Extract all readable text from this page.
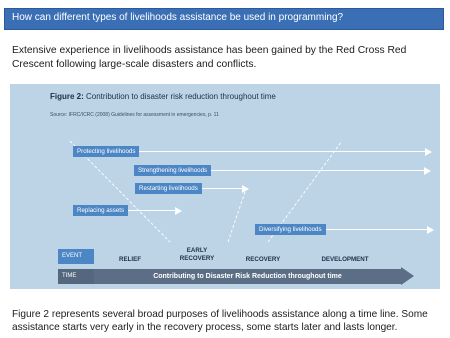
How can different types of livelihoods assistance be used in programming?
Extensive experience in livelihoods assistance has been gained by the Red Cross Red Crescent following large-scale disasters and conflicts.
Figure 2: Contribution to disaster risk reduction throughout time
Source: IFRC/ICRC (2008) Guidelines for assessment in emergencies, p. 11
Protecting livelihoods
Strengthening livelihoods
Restarting livelihoods
Replacing assets
Diversifying livelihoods
EVENT	RELIEF
EARLY
RECOVERY	RECOVERY	DEVELOPMENT
TIME	Contributing to Disaster Risk Reduction throughout time
Figure 2 represents several broad purposes of livelihoods assistance along a time line. Some assistance starts very early in the recovery process, some starts later and lasts longer.
